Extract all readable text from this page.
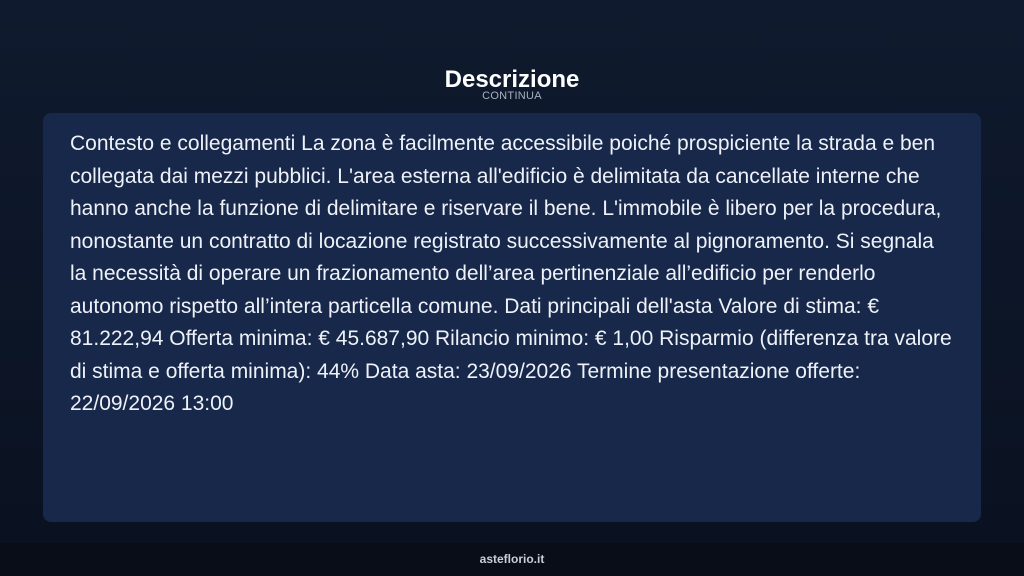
Descrizione
CONTINUA

Contesto e collegamenti La zona è facilmente accessibile poiché prospiciente la strada e ben collegata dai mezzi pubblici. L'area esterna all'edificio è delimitata da cancellate interne che hanno anche la funzione di delimitare e riservare il bene. L'immobile è libero per la procedura, nonostante un contratto di locazione registrato successivamente al pignoramento. Si segnala la necessità di operare un frazionamento dell’area pertinenziale all’edificio per renderlo autonomo rispetto all’intera particella comune. Dati principali dell'asta Valore di stima: € 81.222,94 Offerta minima: € 45.687,90 Rilancio minimo: € 1,00 Risparmio (differenza tra valore di stima e offerta minima): 44% Data asta: 23/09/2026 Termine presentazione offerte: 22/09/2026 13:00

asteflorio.it
